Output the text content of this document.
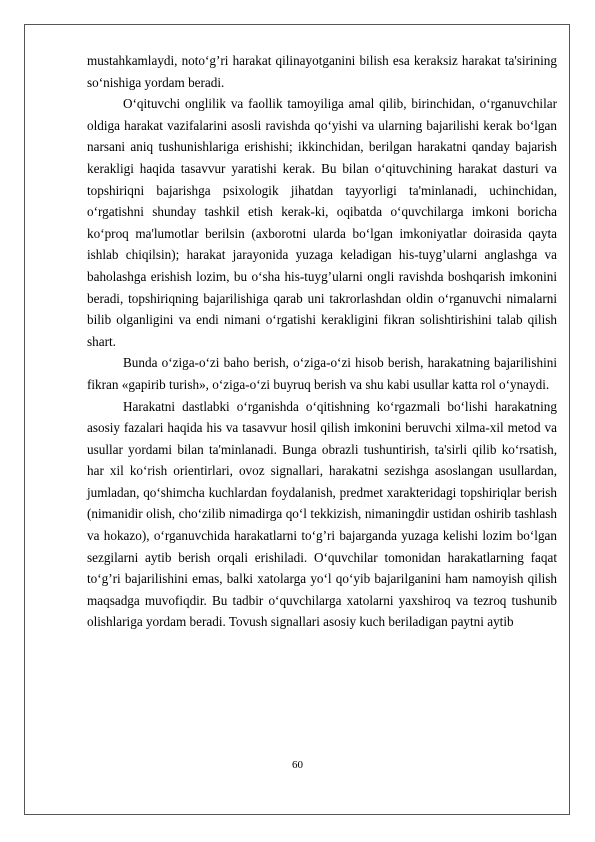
mustahkamlaydi, noto‘g’ri harakat qilinayotganini bilish esa keraksiz harakat ta'sirining so‘nishiga yordam beradi.

O‘qituvchi onglilik va faollik tamoyiliga amal qilib, birinchidan, o‘rganuvchilar oldiga harakat vazifalarini asosli ravishda qo‘yishi va ularning bajarilishi kerak bo‘lgan narsani aniq tushunishlariga erishishi; ikkinchidan, berilgan harakatni qanday bajarish kerakligi haqida tasavvur yaratishi kerak. Bu bilan o‘qituvchining harakat dasturi va topshiriqni bajarishga psixologik jihatdan tayyorligi ta'minlanadi, uchinchidan, o‘rgatishni shunday tashkil etish kerak-ki, oqibatda o‘quvchilarga imkoni boricha ko‘proq ma'lumotlar berilsin (axborotni ularda bo‘lgan imkoniyatlar doirasida qayta ishlab chiqilsin); harakat jarayonida yuzaga keladigan his-tuyg’ularni anglashga va baholashga erishish lozim, bu o‘sha his-tuyg’ularni ongli ravishda boshqarish imkonini beradi, topshiriqning bajarilishiga qarab uni takrorlashdan oldin o‘rganuvchi nimalarni bilib olganligini va endi nimani o‘rgatishi kerakligini fikran solishtirishini talab qilish shart.

Bunda o‘ziga-o‘zi baho berish, o‘ziga-o‘zi hisob berish, harakatning bajarilishini fikran «gapirib turish», o‘ziga-o‘zi buyruq berish va shu kabi usullar katta rol o‘ynaydi.

Harakatni dastlabki o‘rganishda o‘qitishning ko‘rgazmali bo‘lishi harakatning asosiy fazalari haqida his va tasavvur hosil qilish imkonini beruvchi xilma-xil metod va usullar yordami bilan ta'minlanadi. Bunga obrazli tushuntirish, ta'sirli qilib ko‘rsatish, har xil ko‘rish orientirlari, ovoz signallari, harakatni sezishga asoslangan usullardan, jumladan, qo‘shimcha kuchlardan foydalanish, predmet xarakteridagi topshiriqlar berish (nimanidir olish, cho‘zilib nimadirga qo‘l tekkizish, nimaningdir ustidan oshirib tashlash va hokazo), o‘rganuvchida harakatlarni to‘g’ri bajarganda yuzaga kelishi lozim bo‘lgan sezgilarni aytib berish orqali erishiladi. O‘quvchilar tomonidan harakatlarning faqat to‘g’ri bajarilishini emas, balki xatolarga yo‘l qo‘yib bajarilganini ham namoyish qilish maqsadga muvofiqdir. Bu tadbir o‘quvchilarga xatolarni yaxshiroq va tezroq tushunib olishlariga yordam beradi. Tovush signallari asosiy kuch beriladigan paytni aytib

60
